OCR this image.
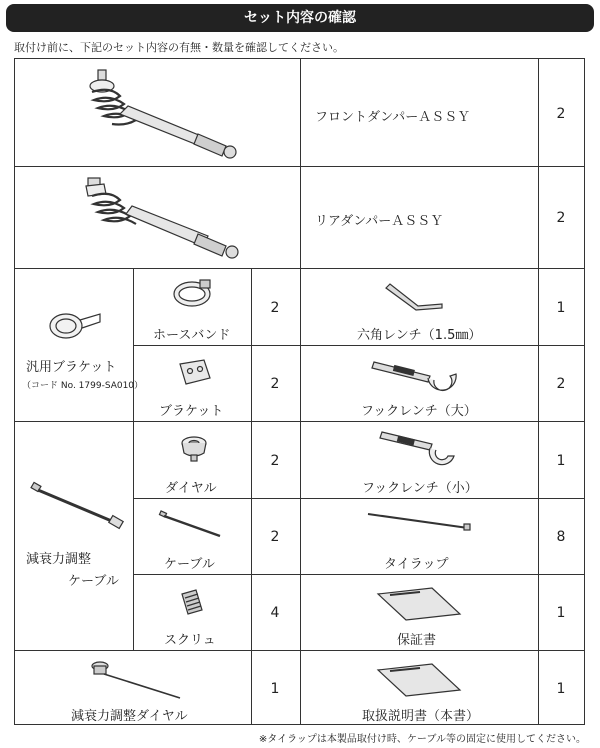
セット内容の確認
取付け前に、下記のセット内容の有無・数量を確認してください。
フロントダンパーＡＳＳＹ	2
リアダンパーＡＳＳＹ	2
汎用ブラケット
（コード No. 1799-SA010）
ホースバンド
2
六角レンチ（1.5㎜）
1
ブラケット
2
フックレンチ（大）
2
減衰力調整
ケーブル
ダイヤル
2
フックレンチ（小）
1
ケーブル
2
タイラップ
8
スクリュ
4
保証書
1
減衰力調整ダイヤル
1
取扱説明書（本書）
1
※タイラップは本製品取付け時、ケーブル等の固定に使用してください。
